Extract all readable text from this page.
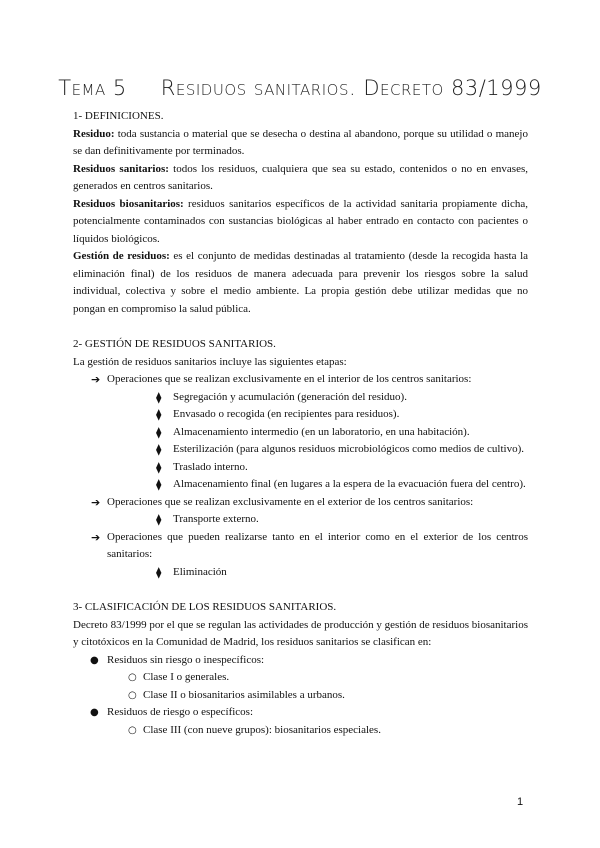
Tema 5 Residuos sanitarios. Decreto 83/1999

1- DEFINICIONES.

Residuo: toda sustancia o material que se desecha o destina al abandono, porque su utilidad o manejo se dan definitivamente por terminados.

Residuos sanitarios: todos los residuos, cualquiera que sea su estado, contenidos o no en envases, generados en centros sanitarios.

Residuos biosanitarios: residuos sanitarios específicos de la actividad sanitaria propiamente dicha, potencialmente contaminados con sustancias biológicas al haber entrado en contacto con pacientes o líquidos biológicos.

Gestión de residuos: es el conjunto de medidas destinadas al tratamiento (desde la recogida hasta la eliminación final) de los residuos de manera adecuada para prevenir los riesgos sobre la salud individual, colectiva y sobre el medio ambiente. La propia gestión debe utilizar medidas que no pongan en compromiso la salud pública.

2- GESTIÓN DE RESIDUOS SANITARIOS.

La gestión de residuos sanitarios incluye las siguientes etapas:

➔ Operaciones que se realizan exclusivamente en el interior de los centros sanitarios:

⧫ Segregación y acumulación (generación del residuo).

⧫ Envasado o recogida (en recipientes para residuos).

⧫ Almacenamiento intermedio (en un laboratorio, en una habitación).

⧫ Esterilización (para algunos residuos microbiológicos como medios de cultivo).

⧫ Traslado interno.

⧫ Almacenamiento final (en lugares a la espera de la evacuación fuera del centro).

➔ Operaciones que se realizan exclusivamente en el exterior de los centros sanitarios:

⧫ Transporte externo.

➔ Operaciones que pueden realizarse tanto en el interior como en el exterior de los centros sanitarios:

⧫ Eliminación

3- CLASIFICACIÓN DE LOS RESIDUOS SANITARIOS.

Decreto 83/1999 por el que se regulan las actividades de producción y gestión de residuos biosanitarios y citotóxicos en la Comunidad de Madrid, los residuos sanitarios se clasifican en:

● Residuos sin riesgo o inespecíficos:

○ Clase I o generales.

○ Clase II o biosanitarios asimilables a urbanos.

● Residuos de riesgo o específicos:

○ Clase III (con nueve grupos): biosanitarios especiales.

1
